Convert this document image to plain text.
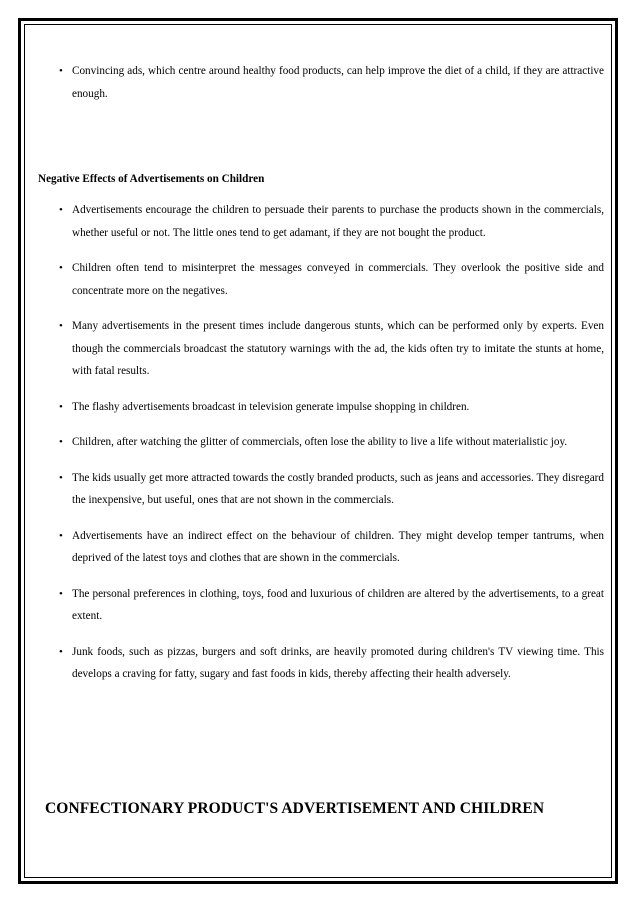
• Convincing ads, which centre around healthy food products, can help improve the diet of a child, if they are attractive enough.

Negative Effects of Advertisements on Children

• Advertisements encourage the children to persuade their parents to purchase the products shown in the commercials, whether useful or not. The little ones tend to get adamant, if they are not bought the product.
• Children often tend to misinterpret the messages conveyed in commercials. They overlook the positive side and concentrate more on the negatives.
• Many advertisements in the present times include dangerous stunts, which can be performed only by experts. Even though the commercials broadcast the statutory warnings with the ad, the kids often try to imitate the stunts at home, with fatal results.
• The flashy advertisements broadcast in television generate impulse shopping in children.
• Children, after watching the glitter of commercials, often lose the ability to live a life without materialistic joy.
• The kids usually get more attracted towards the costly branded products, such as jeans and accessories. They disregard the inexpensive, but useful, ones that are not shown in the commercials.
• Advertisements have an indirect effect on the behaviour of children. They might develop temper tantrums, when deprived of the latest toys and clothes that are shown in the commercials.
• The personal preferences in clothing, toys, food and luxurious of children are altered by the advertisements, to a great extent.
• Junk foods, such as pizzas, burgers and soft drinks, are heavily promoted during children's TV viewing time. This develops a craving for fatty, sugary and fast foods in kids, thereby affecting their health adversely.
CONFECTIONARY PRODUCT'S ADVERTISEMENT AND CHILDREN
